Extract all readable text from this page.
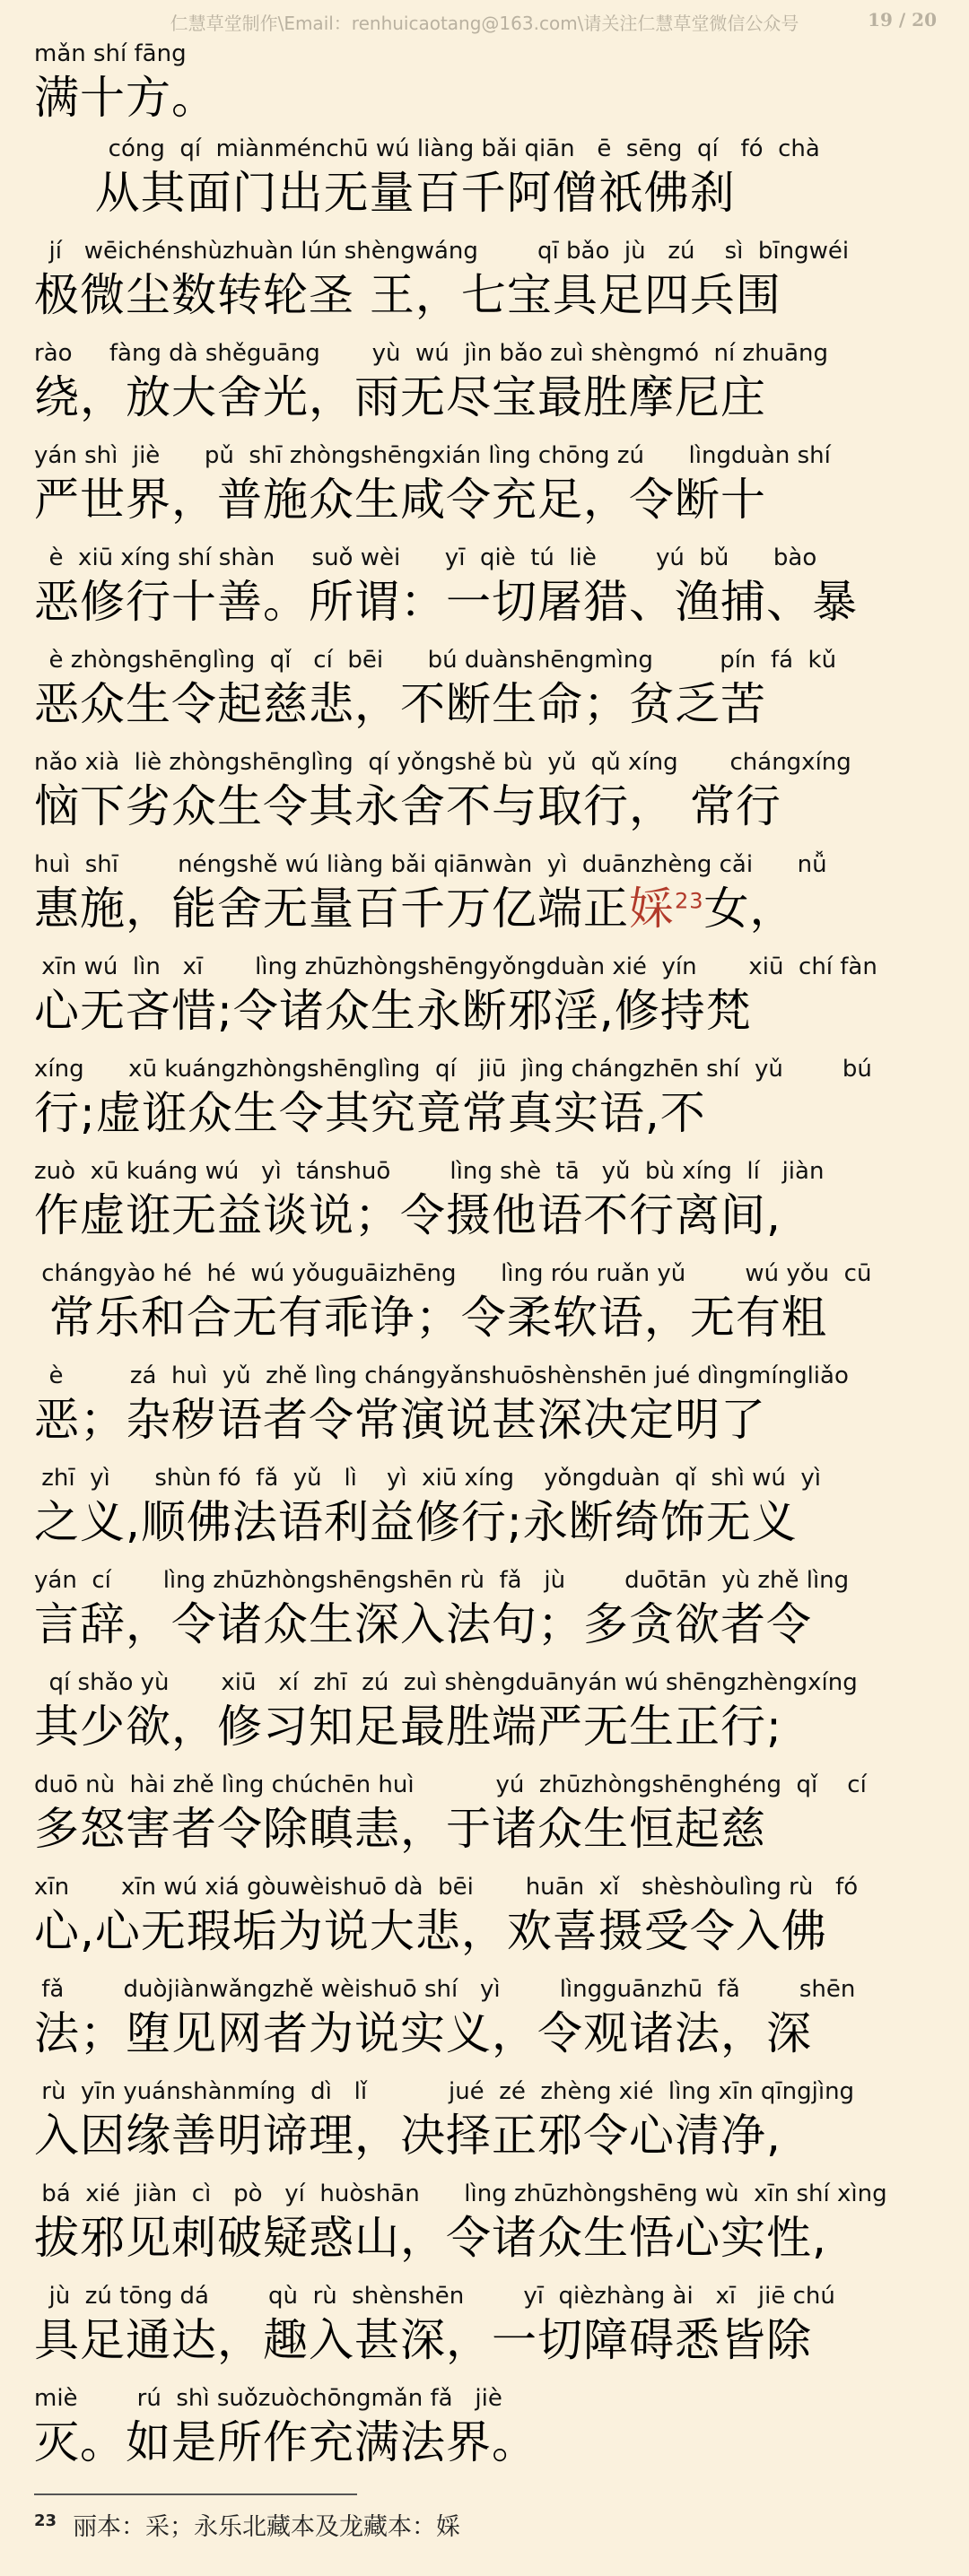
仁慧草堂制作\Email：renhuicaotang@163.com\请关注仁慧草堂微信公众号	19 / 20
mǎn shí fāng
满十方。
cóng  qí  miànménchū wú liàng bǎi qiān   ē  sēng  qí   fó  chà
从其面门出无量百千阿僧祇佛刹
jí   wēichénshùzhuàn lún shèngwáng        qī bǎo  jù   zú    sì  bīngwéi
极微尘数转轮圣 王，七宝具足四兵围
rào     fàng dà shěguāng       yù  wú  jìn bǎo zuì shèngmó  ní zhuāng
绕，放大舍光，雨无尽宝最胜摩尼庄
yán shì  jiè      pǔ  shī zhòngshēngxián lìng chōng zú      lìngduàn shí
严世界，普施众生咸令充足，令断十
è  xiū xíng shí shàn     suǒ wèi      yī  qiè  tú  liè        yú  bǔ      bào
恶修行十善。所谓：一切屠猎、渔捕、暴
è zhòngshēnglìng  qǐ   cí  bēi      bú duànshēngmìng         pín  fá  kǔ
恶众生令起慈悲，不断生命；贫乏苦
nǎo xià  liè zhòngshēnglìng  qí yǒngshě bù  yǔ  qǔ xíng       chángxíng
恼下劣众生令其永舍不与取行， 常行
huì  shī        néngshě wú liàng bǎi qiānwàn  yì  duānzhèng cǎi      nǚ
惠施，能舍无量百千万亿端正婇$^{23}$女，
xīn wú  lìn   xī       lìng zhūzhòngshēngyǒngduàn xié  yín       xiū  chí fàn
心无吝惜;令诸众生永断邪淫,修持梵
xíng      xū kuángzhòngshēnglìng  qí   jiū  jìng chángzhēn shí  yǔ        bú
行;虚诳众生令其究竟常真实语,不
zuò  xū kuáng wú   yì  tánshuō        lìng shè  tā   yǔ  bù xíng  lí   jiàn
作虚诳无益谈说；令摄他语不行离间,
chángyào hé  hé  wú yǒuguāizhēng      lìng róu ruǎn yǔ        wú yǒu  cū
常乐和合无有乖诤；令柔软语，无有粗
è         zá  huì  yǔ  zhě lìng chángyǎnshuōshènshēn jué dìngmíngliǎo
恶；杂秽语者令常演说甚深决定明了
zhī  yì      shùn fó  fǎ  yǔ   lì    yì  xiū xíng    yǒngduàn  qǐ  shì wú  yì
之义,顺佛法语利益修行;永断绮饰无义
yán  cí       lìng zhūzhòngshēngshēn rù  fǎ   jù        duōtān  yù zhě lìng
言辞，令诸众生深入法句；多贪欲者令
qí shǎo yù       xiū   xí  zhī  zú  zuì shèngduānyán wú shēngzhèngxíng
其少欲，修习知足最胜端严无生正行;
duō nù  hài zhě lìng chúchēn huì           yú  zhūzhòngshēnghéng  qǐ    cí
多怒害者令除瞋恚，于诸众生恒起慈
xīn       xīn wú xiá gòuwèishuō dà  bēi       huān  xǐ   shèshòulìng rù   fó
心,心无瑕垢为说大悲，欢喜摄受令入佛
fǎ        duòjiànwǎngzhě wèishuō shí   yì        lìngguānzhū  fǎ        shēn
法；堕见网者为说实义，令观诸法，深
rù  yīn yuánshànmíng  dì   lǐ           jué  zé  zhèng xié  lìng xīn qīngjìng
入因缘善明谛理，决择正邪令心清净,
bá  xié  jiàn  cì   pò   yí  huòshān      lìng zhūzhòngshēng wù  xīn shí xìng
拔邪见刺破疑惑山，令诸众生悟心实性,
jù  zú tōng dá        qù  rù  shènshēn        yī  qièzhàng ài   xī   jiē chú
具足通达，趣入甚深，一切障碍悉皆除
miè        rú  shì suǒzuòchōngmǎn fǎ   jiè
灭。如是所作充满法界。
$^{23}$ 丽本：采；永乐北藏本及龙藏本：婇
